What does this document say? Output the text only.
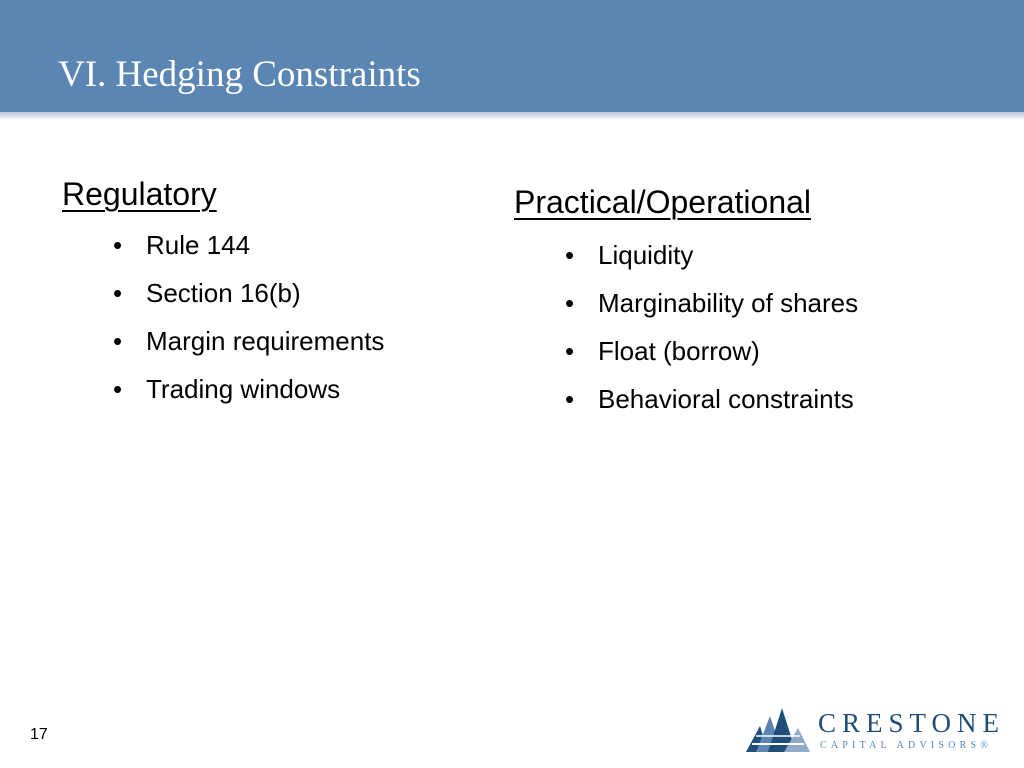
VI. Hedging Constraints
Regulatory
• Rule 144
• Section 16(b)
• Margin requirements
• Trading windows
Practical/Operational
• Liquidity
• Marginability of shares
• Float (borrow)
• Behavioral constraints
17	CRESTONE
CAPITAL ADVISORS®
